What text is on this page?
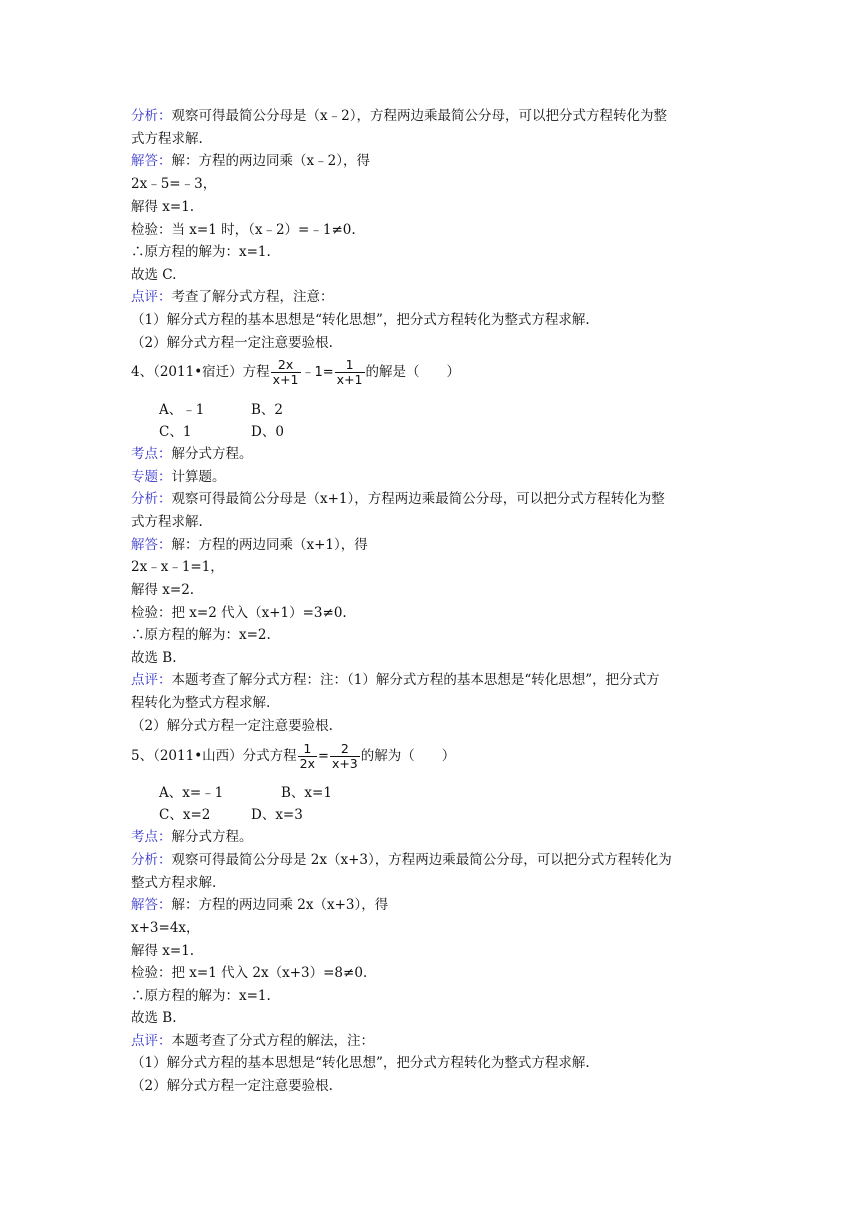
分析：观察可得最简公分母是（x﹣2），方程两边乘最简公分母，可以把分式方程转化为整
式方程求解.
解答：解：方程的两边同乘（x﹣2），得
2x﹣5=﹣3，
解得 x=1.
检验：当 x=1 时，（x﹣2）=﹣1≠0.
∴原方程的解为：x=1.
故选 C.
点评：考查了解分式方程，注意：
（1）解分式方程的基本思想是“转化思想”，把分式方程转化为整式方程求解.
（2）解分式方程一定注意要验根.
4、（2011•宿迁）方程 $\frac{2x}{x+1}$ ﹣1= $\frac{1}{x+1}$ 的解是（　　）
A、﹣1	B、2
C、1	D、0
考点：解分式方程。
专题：计算题。
分析：观察可得最简公分母是（x+1），方程两边乘最简公分母，可以把分式方程转化为整
式方程求解.
解答：解：方程的两边同乘（x+1），得
2x﹣x﹣1=1，
解得 x=2.
检验：把 x=2 代入（x+1）=3≠0.
∴原方程的解为：x=2.
故选 B.
点评：本题考查了解分式方程：注：（1）解分式方程的基本思想是“转化思想”，把分式方
程转化为整式方程求解.
（2）解分式方程一定注意要验根.
5、（2011•山西）分式方程 $\frac{1}{2x} = \frac{2}{x+3}$ 的解为（　　）
A、x=﹣1	B、x=1
C、x=2	D、x=3
考点：解分式方程。
分析：观察可得最简公分母是 2x（x+3），方程两边乘最简公分母，可以把分式方程转化为
整式方程求解.
解答：解：方程的两边同乘 2x（x+3），得
x+3=4x，
解得 x=1.
检验：把 x=1 代入 2x（x+3）=8≠0.
∴原方程的解为：x=1.
故选 B.
点评：本题考查了分式方程的解法，注：
（1）解分式方程的基本思想是“转化思想”，把分式方程转化为整式方程求解.
（2）解分式方程一定注意要验根.
